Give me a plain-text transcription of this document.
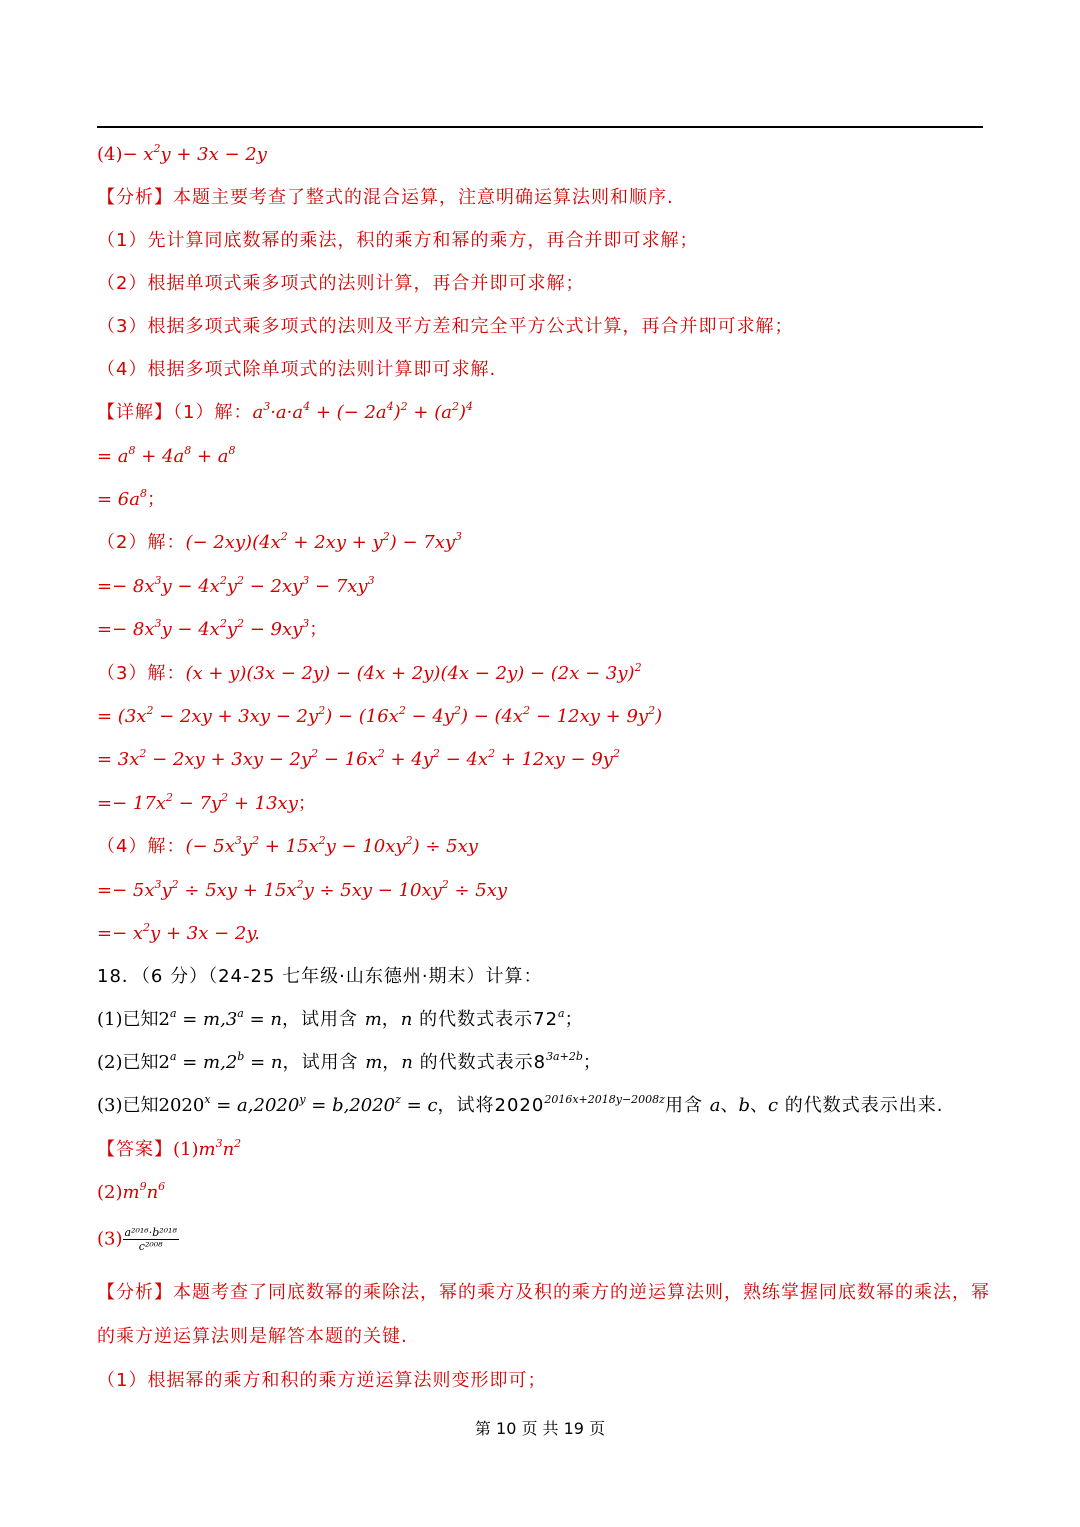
$(4)- x^2y + 3x - 2y$
【分析】本题主要考查了整式的混合运算，注意明确运算法则和顺序.
（1）先计算同底数幂的乘法，积的乘方和幂的乘方，再合并即可求解；
（2）根据单项式乘多项式的法则计算，再合并即可求解；
（3）根据多项式乘多项式的法则及平方差和完全平方公式计算，再合并即可求解；
（4）根据多项式除单项式的法则计算即可求解.
【详解】（1）解：$a^3\cdot a\cdot a^4$ + (− $2a^4)^2 + (a^2)^4$
= $a^8 + 4a^8 + a^8$
= $6a^8$；
（2）解：(− $2xy)(4x^2 + 2xy + y^2) - 7xy^3$
=− $8x^3y - 4x^2y^2 - 2xy^3 - 7xy^3$
=− $8x^3y - 4x^2y^2 - 9xy^3$；
（3）解：$(x + y)(3x - 2y) - (4x + 2y)(4x - 2y) - (2x - 3y)^2$
= $(3x^2 - 2xy + 3xy - 2y^2) - (16x^2 - 4y^2) - (4x^2 - 12xy + 9y^2)$
= $3x^2 - 2xy + 3xy - 2y^2 - 16x^2 + 4y^2 - 4x^2 + 12xy - 9y^2$
=− $17x^2 - 7y^2 + 13xy$；
（4）解：(− $5x^3y^2 + 15x^2y - 10xy^2) \div 5xy$
=− $5x^3y^2 \div 5xy + 15x^2y \div 5xy - 10xy^2 \div 5xy$
=− $x^2y + 3x - 2y$.
18．（6 分）（24-25 七年级·山东德州·期末）计算：
(1)已知$2^a = m,3^a = n$，试用含 m，n 的代数式表示72$^a$；
(2)已知$2^a = m,2^b = n$，试用含 m，n 的代数式表示$8^{3a+2b}$；
(3)已知$2020^x = a,2020^y = b,2020^z = c$，试将$2020^{2016x+2018y-2008z}$用含 a、b、c 的代数式表示出来.
【答案】$(1)m^3n^2$
$(2)m^9n^6$
$(3) \frac{\text{a²⁰¹⁶·b²⁰¹⁸}}{\text{c²⁰⁰⁸}}$
【分析】本题考查了同底数幂的乘除法，幂的乘方及积的乘方的逆运算法则，熟练掌握同底数幂的乘法，幂
的乘方逆运算法则是解答本题的关键.
（1）根据幂的乘方和积的乘方逆运算法则变形即可；
第 10 页 共 19 页
